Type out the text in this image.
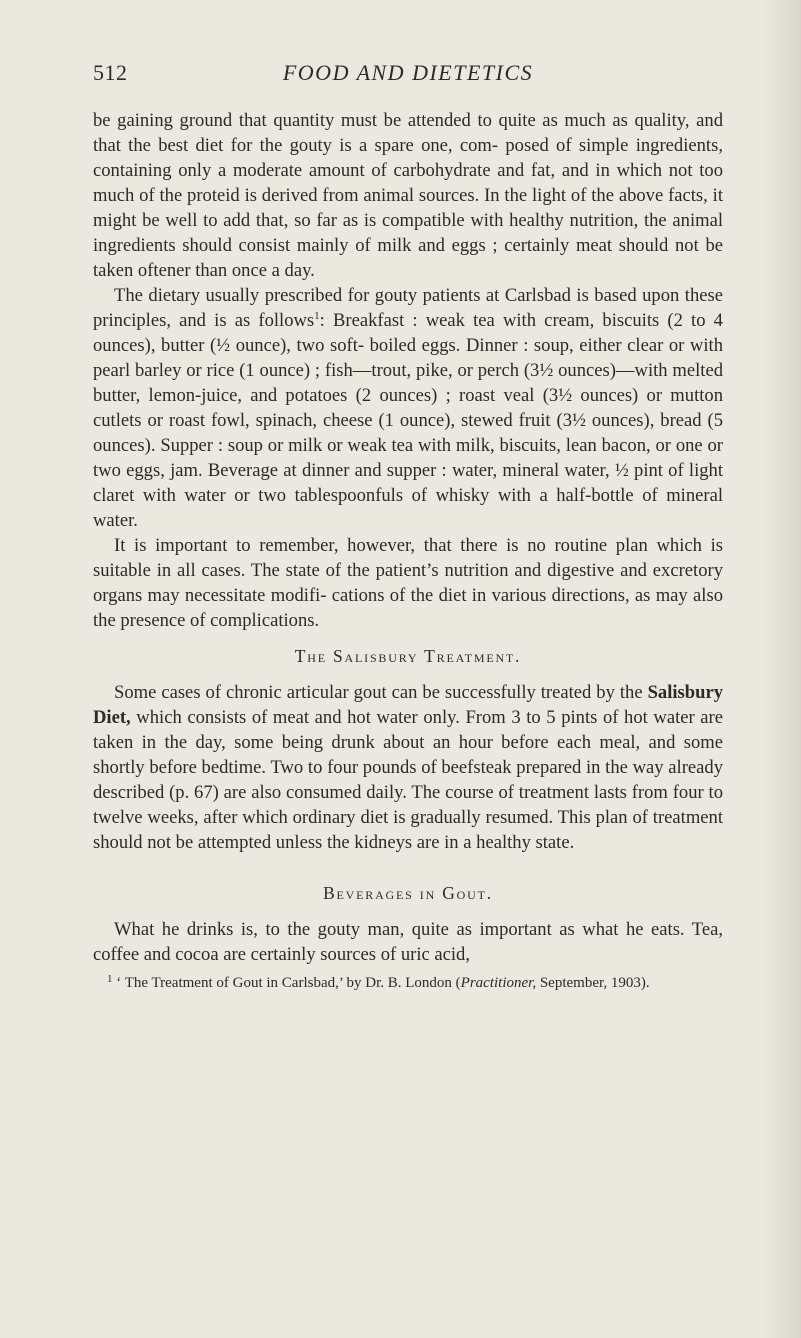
512	FOOD AND DIETETICS

be gaining ground that quantity must be attended to quite as much as quality, and that the best diet for the gouty is a spare one, com- posed of simple ingredients, containing only a moderate amount of carbohydrate and fat, and in which not too much of the proteid is derived from animal sources. In the light of the above facts, it might be well to add that, so far as is compatible with healthy nutrition, the animal ingredients should consist mainly of milk and eggs ; certainly meat should not be taken oftener than once a day.

The dietary usually prescribed for gouty patients at Carlsbad is based upon these principles, and is as follows$^1$: Breakfast : weak tea with cream, biscuits (2 to 4 ounces), butter (½ ounce), two soft- boiled eggs. Dinner : soup, either clear or with pearl barley or rice (1 ounce) ; fish—trout, pike, or perch (3½ ounces)—with melted butter, lemon-juice, and potatoes (2 ounces) ; roast veal (3½ ounces) or mutton cutlets or roast fowl, spinach, cheese (1 ounce), stewed fruit (3½ ounces), bread (5 ounces). Supper : soup or milk or weak tea with milk, biscuits, lean bacon, or one or two eggs, jam. Beverage at dinner and supper : water, mineral water, ½ pint of light claret with water or two tablespoonfuls of whisky with a half-bottle of mineral water.

It is important to remember, however, that there is no routine plan which is suitable in all cases. The state of the patient’s nutrition and digestive and excretory organs may necessitate modifi- cations of the diet in various directions, as may also the presence of complications.

The Salisbury Treatment.

Some cases of chronic articular gout can be successfully treated by the Salisbury Diet, which consists of meat and hot water only. From 3 to 5 pints of hot water are taken in the day, some being drunk about an hour before each meal, and some shortly before bedtime. Two to four pounds of beefsteak prepared in the way already described (p. 67) are also consumed daily. The course of treatment lasts from four to twelve weeks, after which ordinary diet is gradually resumed. This plan of treatment should not be attempted unless the kidneys are in a healthy state.

Beverages in Gout.

What he drinks is, to the gouty man, quite as important as what he eats. Tea, coffee and cocoa are certainly sources of uric acid,

$^1$ ‘ The Treatment of Gout in Carlsbad,’ by Dr. B. London (Practitioner, September, 1903).
